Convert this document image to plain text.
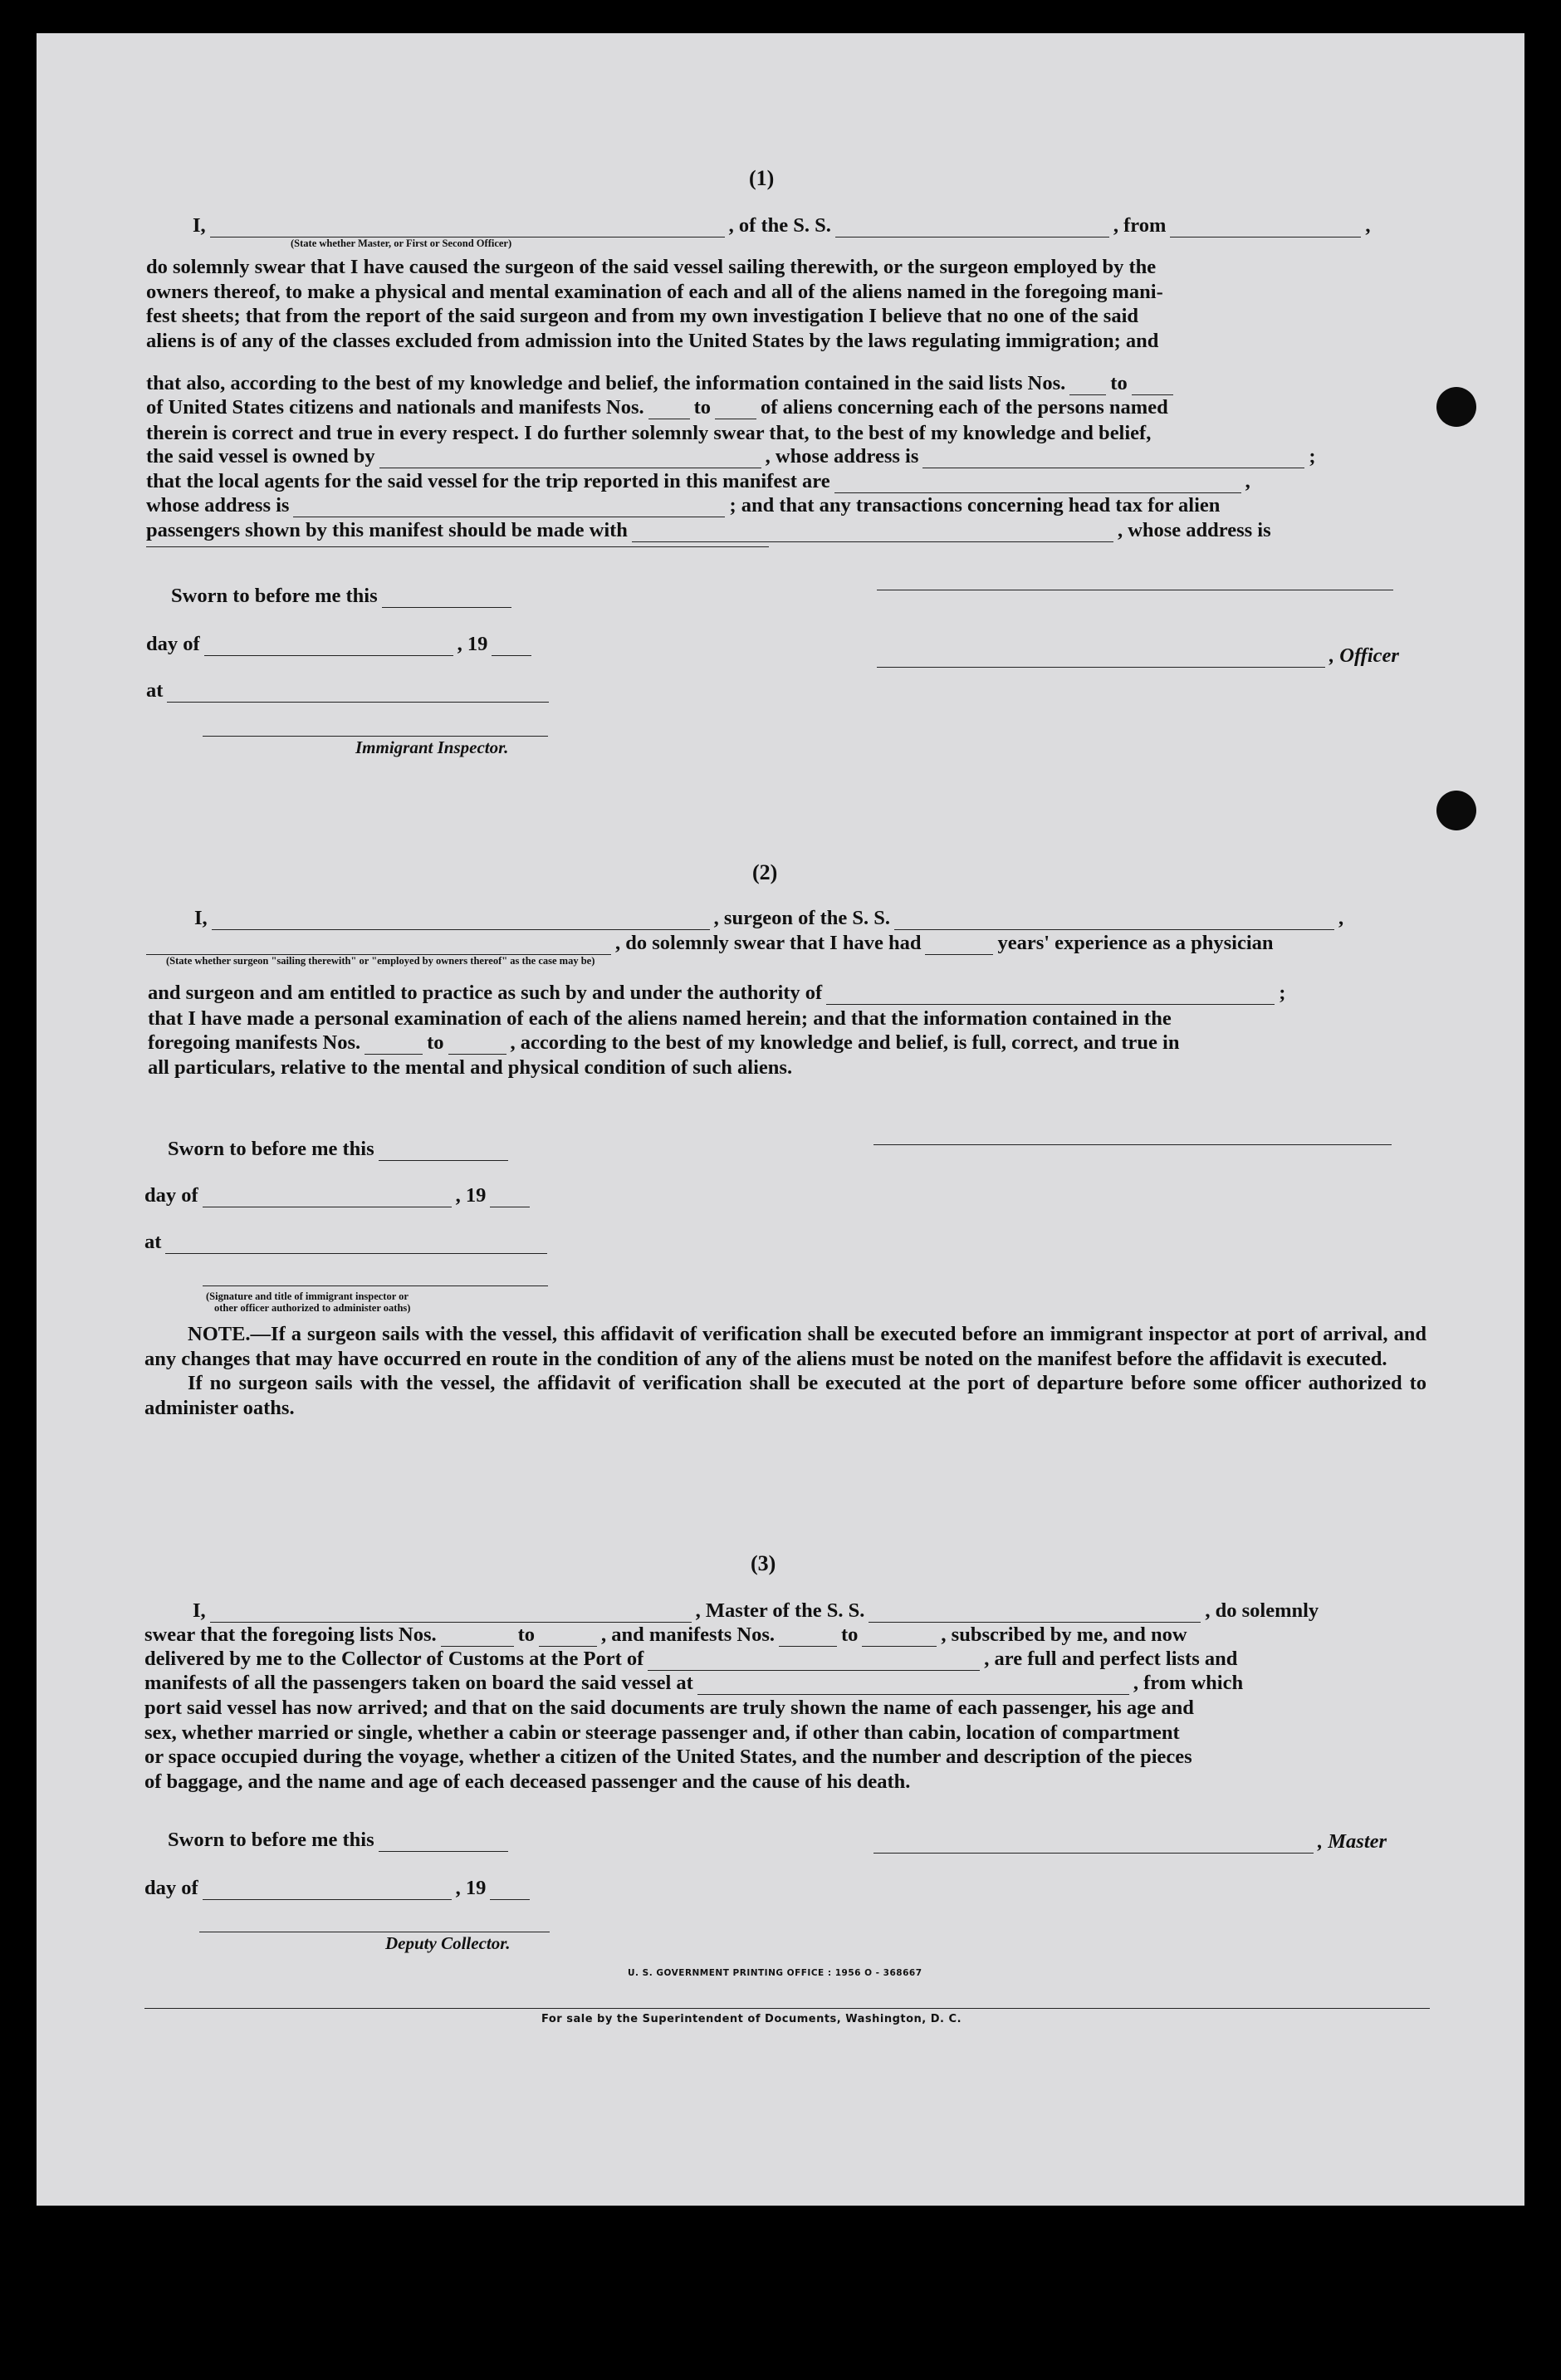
(1)
I,	, of the S. S.	, from	,
(State whether Master, or First or Second Officer)
do solemnly swear that I have caused the surgeon of the said vessel sailing therewith, or the surgeon employed by the
owners thereof, to make a physical and mental examination of each and all of the aliens named in the foregoing mani-
fest sheets; that from the report of the said surgeon and from my own investigation I believe that no one of the said
aliens is of any of the classes excluded from admission into the United States by the laws regulating immigration; and
that also, according to the best of my knowledge and belief, the information contained in the said lists Nos. to
of United States citizens and nationals and manifests Nos. to of aliens concerning each of the persons named
therein is correct and true in every respect. I do further solemnly swear that, to the best of my knowledge and belief,
the said vessel is owned by	, whose address is	;
that the local agents for the said vessel for the trip reported in this manifest are	,
whose address is	; and that any transactions concerning head tax for alien
passengers shown by this manifest should be made with	, whose address is
Sworn to before me this
day of	, 19
at
, Officer
Immigrant Inspector.
(2)
I,	, surgeon of the S. S.	,
, do solemnly swear that I have had	years' experience as a physician
(State whether surgeon "sailing therewith" or "employed by owners thereof" as the case may be)
and surgeon and am entitled to practice as such by and under the authority of	;
that I have made a personal examination of each of the aliens named herein; and that the information contained in the
foregoing manifests Nos.	to	, according to the best of my knowledge and belief, is full, correct, and true in
all particulars, relative to the mental and physical condition of such aliens.
Sworn to before me this
day of	, 19
at
(Signature and title of immigrant inspector or
other officer authorized to administer oaths)

NOTE.—If a surgeon sails with the vessel, this affidavit of verification shall be executed before an immigrant inspector at port of arrival, and any changes that may have occurred en route in the condition of any of the aliens must be noted on the manifest before the affidavit is executed.

If no surgeon sails with the vessel, the affidavit of verification shall be executed at the port of departure before some officer authorized to administer oaths.

(3)
I,	, Master of the S. S.	, do solemnly
swear that the foregoing lists Nos.	to	, and manifests Nos.	to	, subscribed by me, and now
delivered by me to the Collector of Customs at the Port of	, are full and perfect lists and
manifests of all the passengers taken on board the said vessel at	, from which
port said vessel has now arrived; and that on the said documents are truly shown the name of each passenger, his age and
sex, whether married or single, whether a cabin or steerage passenger and, if other than cabin, location of compartment
or space occupied during the voyage, whether a citizen of the United States, and the number and description of the pieces
of baggage, and the name and age of each deceased passenger and the cause of his death.
Sworn to before me this	, Master
day of	, 19
Deputy Collector.
U. S. GOVERNMENT PRINTING OFFICE : 1956 O - 368667
For sale by the Superintendent of Documents, Washington, D. C.
